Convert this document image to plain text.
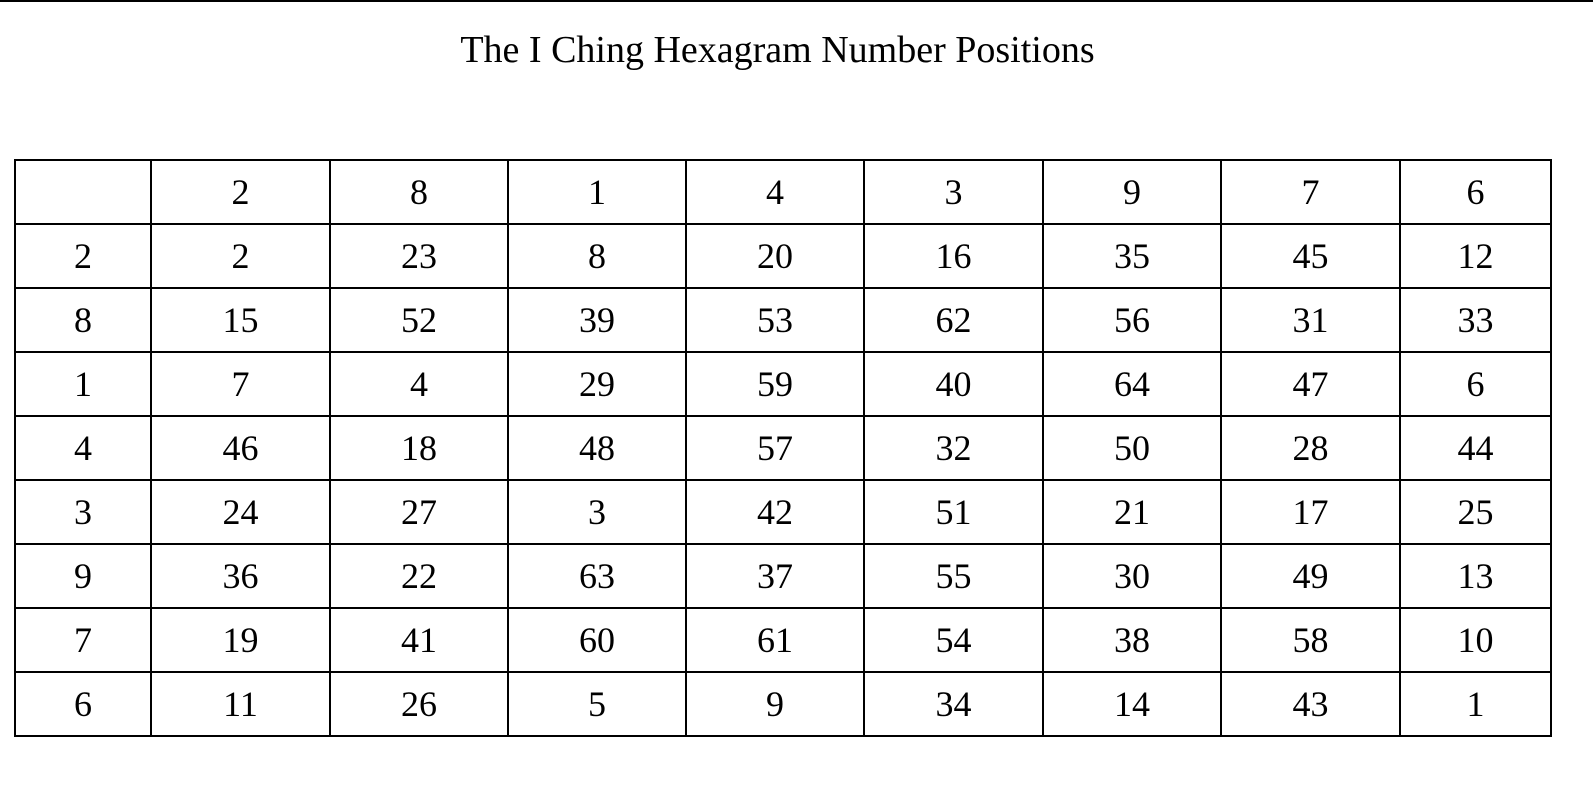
The I Ching Hexagram Number Positions
	2	8	1	4	3	9	7	6
2	2	23	8	20	16	35	45	12
8	15	52	39	53	62	56	31	33
1	7	4	29	59	40	64	47	6
4	46	18	48	57	32	50	28	44
3	24	27	3	42	51	21	17	25
9	36	22	63	37	55	30	49	13
7	19	41	60	61	54	38	58	10
6	11	26	5	9	34	14	43	1
